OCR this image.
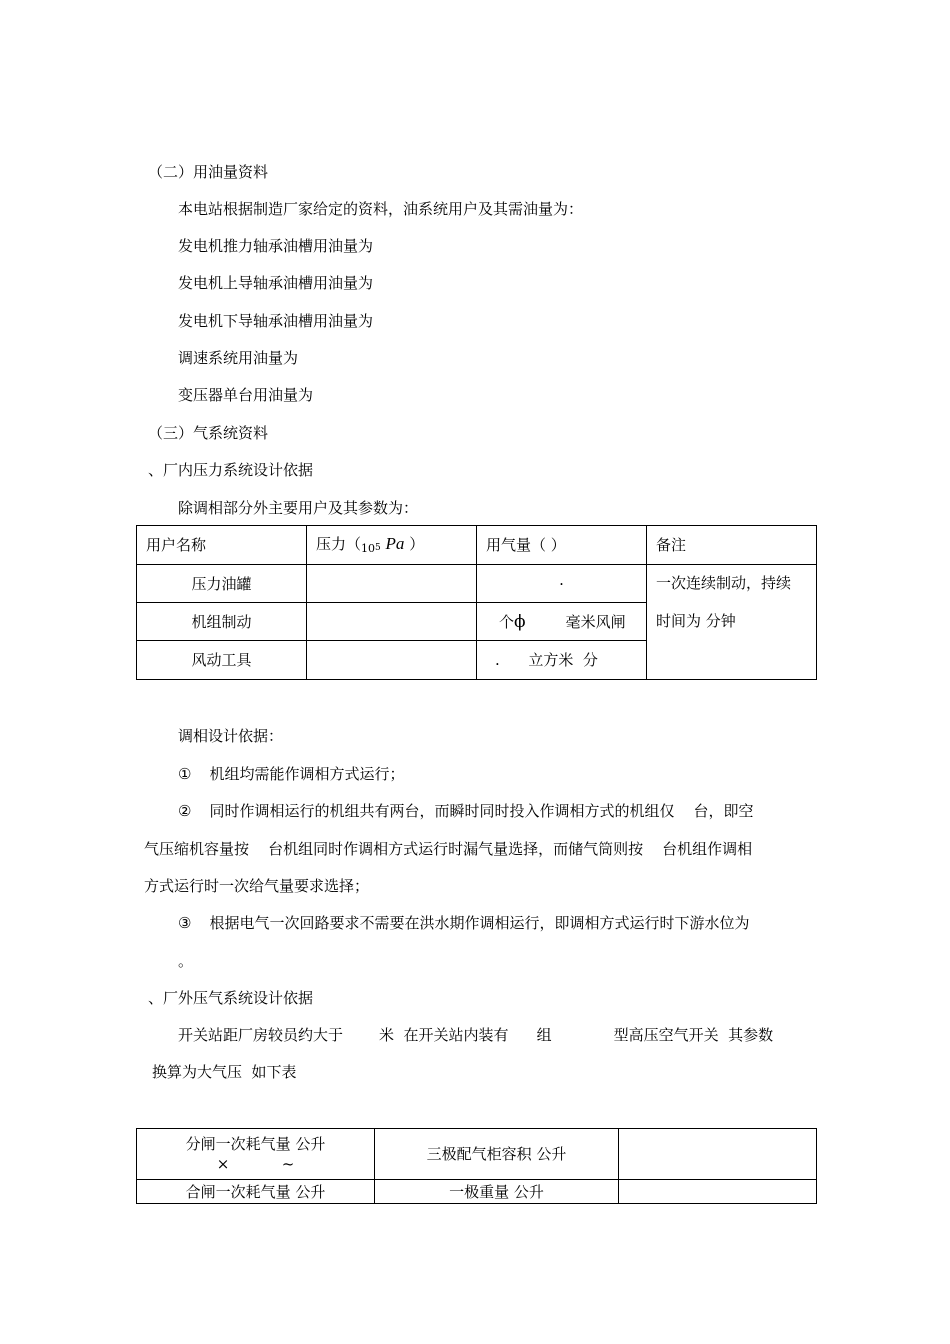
（二）用油量资料
本电站根据制造厂家给定的资料，油系统用户及其需油量为：
发电机推力轴承油槽用油量为
发电机上导轴承油槽用油量为
发电机下导轴承油槽用油量为
调速系统用油量为
变压器单台用油量为
（三）气系统资料
、厂内压力系统设计依据
除调相部分外主要用户及其参数为：
用户名称	压力（$_{10}5$ Pa ）	用气量（ ）	备注
压力油罐		·	一次连续制动，持续
时间为 分钟

机组制动		个ϕ 毫米风闸	
风动工具		.      立方米  分	
调相设计依据：
① 机组均需能作调相方式运行；
② 同时作调相运行的机组共有两台，而瞬时同时投入作调相方式的机组仅    台，即空
气压缩机容量按    台机组同时作调相方式运行时漏气量选择，而储气筒则按    台机组作调相
方式运行时一次给气量要求选择；
③ 根据电气一次回路要求不需要在洪水期作调相运行，即调相方式运行时下游水位为
。
、厂外压气系统设计依据
开关站距厂房较员约大于 米  在开关站内装有 组	型高压空气开关  其参数
换算为大气压  如下表
分闸一次耗气量 公升
×           ~	三极配气柜容积 公升	
合闸一次耗气量 公升	一极重量 公升	
